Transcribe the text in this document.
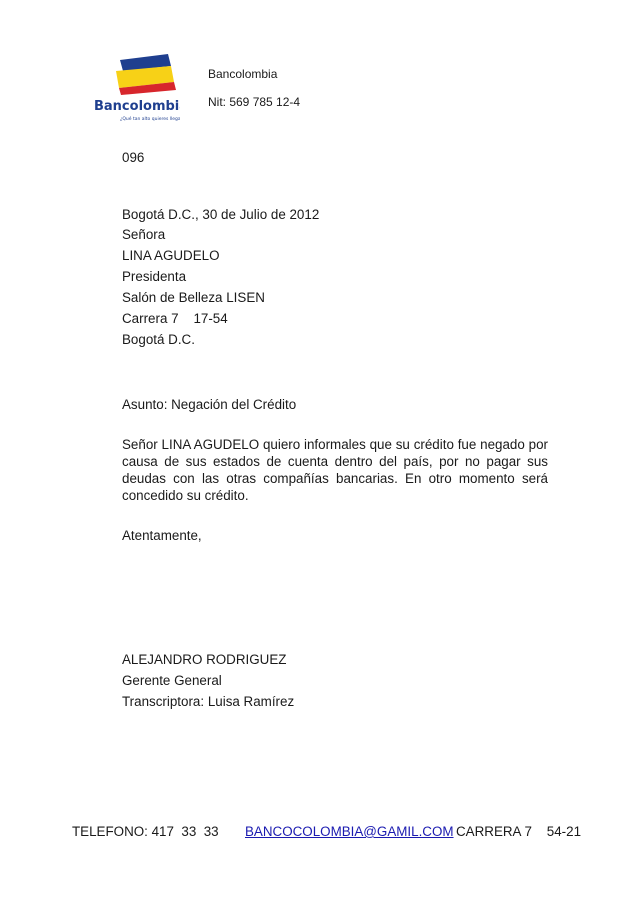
Bancolombia
¿Qué tan alto quieres llegar?
Bancolombia
Nit: 569 785 12-4
096
Bogotá D.C., 30 de Julio de 2012
Señora
LINA AGUDELO
Presidenta
Salón de Belleza LISEN
Carrera 7    17-54
Bogotá D.C.
Asunto: Negación del Crédito
Señor LINA AGUDELO quiero informales que su crédito fue negado por causa de sus estados de cuenta dentro del país, por no pagar sus deudas con las otras compañías bancarias. En otro momento será concedido su crédito.
Atentamente,
ALEJANDRO RODRIGUEZ
Gerente General
Transcriptora: Luisa Ramírez
TELEFONO: 417  33  33 BANCOCOLOMBIA@GAMIL.COM CARRERA 7    54-21
